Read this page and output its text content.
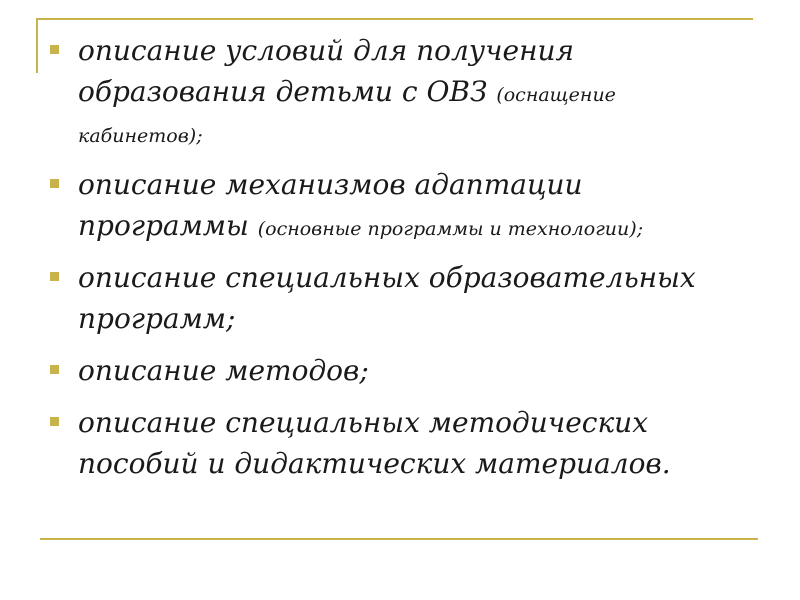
описание условий для получения образования детьми с ОВЗ (оснащение кабинетов);
описание механизмов адаптации программы (основные программы и технологии);
описание специальных образовательных программ;
описание методов;
описание специальных методических пособий и дидактических материалов.
